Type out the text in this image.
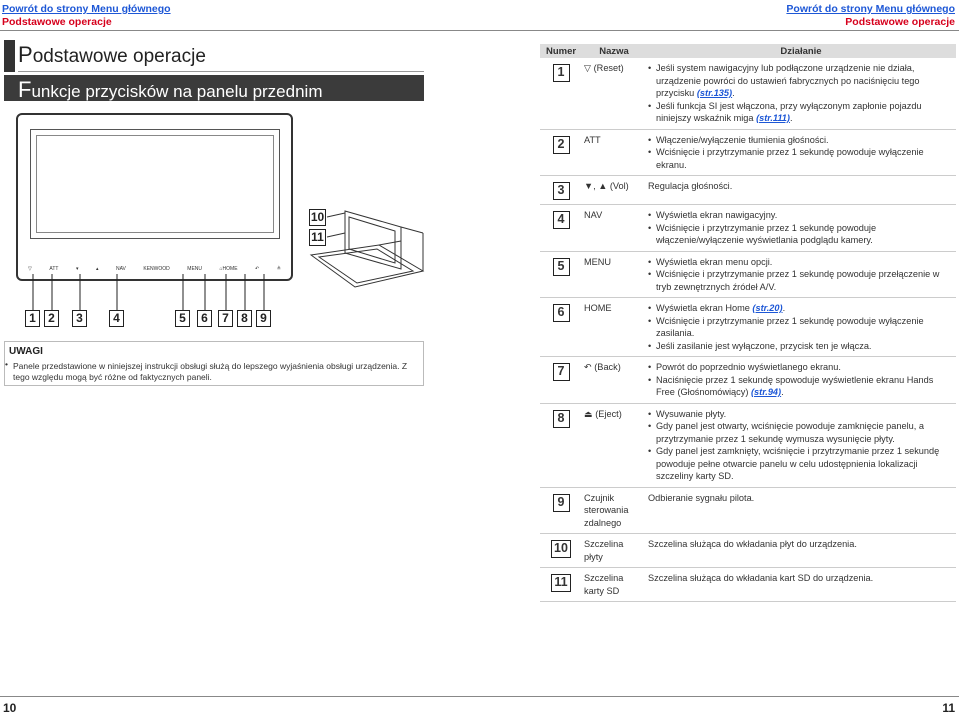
Powrót do strony Menu głównego
Podstawowe operacje
Powrót do strony Menu głównego
Podstawowe operacje
Podstawowe operacje
Funkcje przycisków na panelu przednim
▽	ATT	▾	▴	NAV	KENWOOD	MENU	⌂HOME	↶	≜
1	2	3	4	5	6	7	8	9
10
11
UWAGI
• Panele przedstawione w niniejszej instrukcji obsługi służą do lepszego wyjaśnienia obsługi urządzenia. Z tego względu mogą być różne od faktycznych paneli.
Numer	Nazwa	Działanie
1	▽ (Reset)	• Jeśli system nawigacyjny lub podłączone urządzenie nie działa, urządzenie powróci do ustawień fabrycznych po naciśnięciu tego przycisku (str.135).
• Jeśli funkcja SI jest włączona, przy wyłączonym zapłonie pojazdu niniejszy wskaźnik miga (str.111).

2	ATT	• Włączenie/wyłączenie tłumienia głośności.
• Wciśnięcie i przytrzymanie przez 1 sekundę powoduje wyłączenie ekranu.

3	▼, ▲ (Vol)	Regulacja głośności.
4	NAV	• Wyświetla ekran nawigacyjny.
• Wciśnięcie i przytrzymanie przez 1 sekundę powoduje włączenie/wyłączenie wyświetlania podglądu kamery.

5	MENU	• Wyświetla ekran menu opcji.
• Wciśnięcie i przytrzymanie przez 1 sekundę powoduje przełączenie w tryb zewnętrznych źródeł A/V.

6	HOME	• Wyświetla ekran Home (str.20).
• Wciśnięcie i przytrzymanie przez 1 sekundę powoduje wyłączenie zasilania.
• Jeśli zasilanie jest wyłączone, przycisk ten je włącza.

7	↶ (Back)	• Powrót do poprzednio wyświetlanego ekranu.
• Naciśnięcie przez 1 sekundę spowoduje wyświetlenie ekranu Hands Free (Głośnomówiący) (str.94).

8	⏏ (Eject)	• Wysuwanie płyty.
• Gdy panel jest otwarty, wciśnięcie powoduje zamknięcie panelu, a przytrzymanie przez 1 sekundę wymusza wysunięcie płyty.
• Gdy panel jest zamknięty, wciśnięcie i przytrzymanie przez 1 sekundę powoduje pełne otwarcie panelu w celu udostępnienia lokalizacji szczeliny karty SD.

9	Czujnik sterowania zdalnego	Odbieranie sygnału pilota.
10	Szczelina płyty	Szczelina służąca do wkładania płyt do urządzenia.
11	Szczelina karty SD	Szczelina służąca do wkładania kart SD do urządzenia.
10	11
